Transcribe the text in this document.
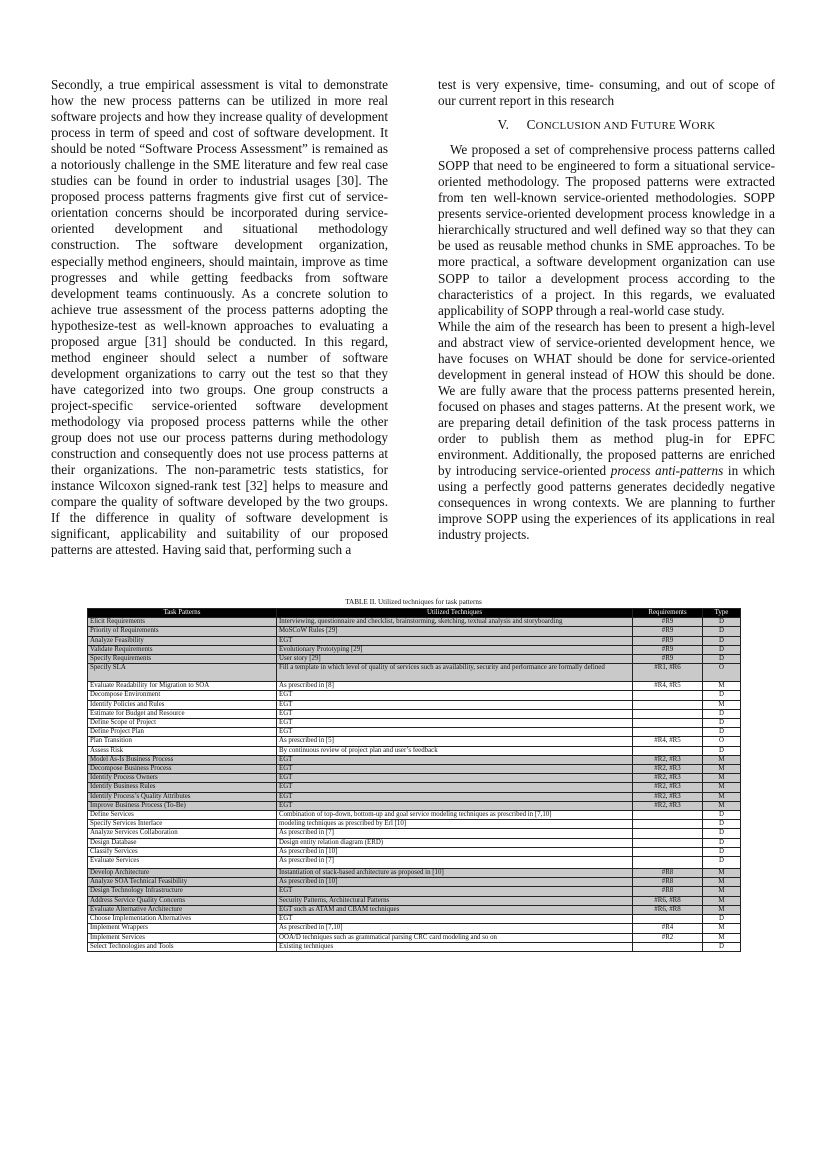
Secondly, a true empirical assessment is vital to demonstrate how the new process patterns can be utilized in more real software projects and how they increase quality of development process in term of speed and cost of software development. It should be noted “Software Process Assessment” is remained as a notoriously challenge in the SME literature and few real case studies can be found in order to industrial usages [30]. The proposed process patterns fragments give first cut of service-orientation concerns should be incorporated during service-oriented development and situational methodology construction. The software development organization, especially method engineers, should maintain, improve as time progresses and while getting feedbacks from software development teams continuously. As a concrete solution to achieve true assessment of the process patterns adopting the hypothesize-test as well-known approaches to evaluating a proposed argue [31] should be conducted. In this regard, method engineer should select a number of software development organizations to carry out the test so that they have categorized into two groups. One group constructs a project-specific service-oriented software development methodology via proposed process patterns while the other group does not use our process patterns during methodology construction and consequently does not use process patterns at their organizations. The non-parametric tests statistics, for instance Wilcoxon signed-rank test [32] helps to measure and compare the quality of software developed by the two groups. If the difference in quality of software development is significant, applicability and suitability of our proposed patterns are attested. Having said that, performing such a

test is very expensive, time- consuming, and out of scope of our current report in this research

V. CONCLUSION AND FUTURE WORK

We proposed a set of comprehensive process patterns called SOPP that need to be engineered to form a situational service-oriented methodology. The proposed patterns were extracted from ten well-known service-oriented methodologies. SOPP presents service-oriented development process knowledge in a hierarchically structured and well defined way so that they can be used as reusable method chunks in SME approaches. To be more practical, a software development organization can use SOPP to tailor a development process according to the characteristics of a project. In this regards, we evaluated applicability of SOPP through a real-world case study.

While the aim of the research has been to present a high-level and abstract view of service-oriented development hence, we have focuses on WHAT should be done for service-oriented development in general instead of HOW this should be done. We are fully aware that the process patterns presented herein, focused on phases and stages patterns. At the present work, we are preparing detail definition of the task process patterns in order to publish them as method plug-in for EPFC environment. Additionally, the proposed patterns are enriched by introducing service-oriented process anti-patterns in which using a perfectly good patterns generates decidedly negative consequences in wrong contexts. We are planning to further improve SOPP using the experiences of its applications in real industry projects.

TABLE II. Utilized techniques for task patterns
Task Patterns	Utilized Techniques	Requirements	Type
Elicit Requirements	Interviewing, questionnaire and checklist, brainstorming, sketching, textual analysis and storyboarding	#R9	D
Priority of Requirements	MoSCoW Rules [29]	#R9	D
Analyze Feasibility	EGT	#R9	D
Validate Requirements	Evolutionary Prototyping [29]	#R9	D
Specify Requirements	User story [29]	#R9	D
Specify SLA	Fill a template in which level of quality of services such as availability, security and performance are formally defined	#R1, #R6	O
Evaluate Readability for Migration to SOA	As prescribed in [8]	#R4, #R5	M
Decompose Environment	EGT		D
Identify Policies and Rules	EGT		M
Estimate for Budget and Resource	EGT		D
Define Scope of Project	EGT		D
Define Project Plan	EGT		D
Plan Transition	As prescribed in [5]	#R4, #R5	O
Assess Risk	By continuous review of project plan and user’s feedback		D
Model As-Is Business Process	EGT	#R2, #R3	M
Decompose Business Process	EGT	#R2, #R3	M
Identify Process Owners	EGT	#R2, #R3	M
Identify Business Rules	EGT	#R2, #R3	M
Identify Process’s Quality Attributes	EGT	#R2, #R3	M
Improve Business Process (To-Be)	EGT	#R2, #R3	M
Define Services	Combination of top-down, bottom-up and goal service modeling techniques as prescribed in [7,10]		D
Specify Services Interface	modeling techniques as prescribed by Erl [10]		D
Analyze Services Collaboration	As prescribed in [7]		D
Design Database	Design entity relation diagram (ERD)		D
Classify Services	As prescribed in [10]		D
Evaluate Services	As prescribed in [7]		D
Develop Architecture	Instantiation of stack-based architecture as proposed in [10]	#R8	M
Analyze SOA Technical Feasibility	As prescribed in [10]	#R8	M
Design Technology Infrastructure	EGT	#R8	M
Address Service Quality Concerns	Security Patterns, Architectural Patterns	#R6, #R8	M
Evaluate Alternative Architecture	EGT such as ATAM and CBAM techniques	#R6, #R8	M
Choose Implementation Alternatives	EGT		D
Implement Wrappers	As prescribed in [7,10]	#R4	M
Implement Services	OOA/D techniques such as grammatical parsing CRC card modeling and so on	#R2	M
Select Technologies and Tools	Existing techniques		D
